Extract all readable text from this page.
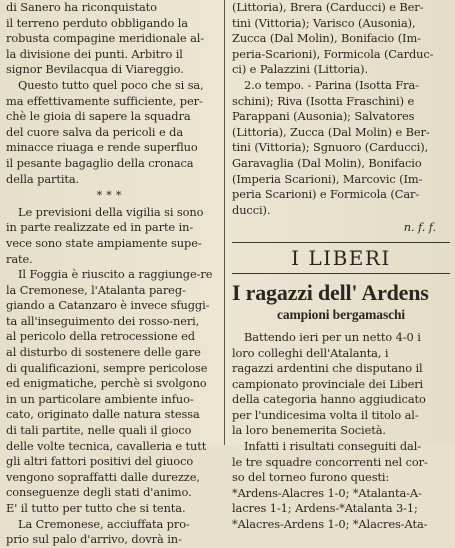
di Sanero ha riconquistato
il terreno perduto obbligando la
robusta compagine meridionale al-
la divisione dei punti. Arbitro il
signor Bevilacqua di Viareggio.
Questo tutto quel poco che si sa,
ma effettivamente sufficiente, per-
chè le gioia di sapere la squadra
del cuore salva da pericoli e da
minacce riuaga e rende superfluo
il pesante bagaglio della cronaca
della partita.
***
Le previsioni della vigilia si sono
in parte realizzate ed in parte in-
vece sono state ampiamente supe-
rate.
Il Foggia è riuscito a raggiunge-re
la Cremonese, l'Atalanta pareg-
giando a Catanzaro è invece sfuggi-
ta all'inseguimento dei rosso-neri,
al pericolo della retrocessione ed
al disturbo di sostenere delle gare
di qualificazioni, sempre pericolose
ed enigmatiche, perchè si svolgono
in un particolare ambiente infuo-
cato, originato dalle natura stessa
di tali partite, nelle quali il gioco
delle volte tecnica, cavalleria e tutt
gli altri fattori positivi del giuoco
vengono sopraffatti dalle durezze,
conseguenze degli stati d'animo.
E' il tutto per tutto che si tenta.
La Cremonese, acciuffata pro-
prio sul palo d'arrivo, dovrà in-
(Littoria), Brera (Carducci) e Ber-
tini (Vittoria); Varisco (Ausonia),
Zucca (Dal Molin), Bonifacio (Im-
peria-Scarioni), Formicola (Carduc-
ci) e Palazzini (Littoria).
2.o tempo. - Parina (Isotta Fra-
schini); Riva (Isotta Fraschini) e
Parappani (Ausonia); Salvatores
(Littoria), Zucca (Dal Molin) e Ber-
tini (Vittoria); Sgnuoro (Carducci),
Garavaglia (Dal Molin), Bonifacio
(Imperia Scarioni), Marcovic (Im-
peria Scarioni) e Formicola (Car-
ducci).
n. f. f.
I LIBERI
I ragazzi dell' Ardens
campioni bergamaschi
Battendo ieri per un netto 4-0 i
loro colleghi dell'Atalanta, i
ragazzi ardentini che disputano il
campionato provinciale dei Liberi
della categoria hanno aggiudicato
per l'undicesima volta il titolo al-
la loro benemerita Società.
Infatti i risultati conseguiti dal-
le tre squadre concorrenti nel cor-
so del torneo furono questi:
*Ardens-Alacres 1-0; *Atalanta-A-
lacres 1-1; Ardens-*Atalanta 3-1;
*Alacres-Ardens 1-0; *Alacres-Ata-
